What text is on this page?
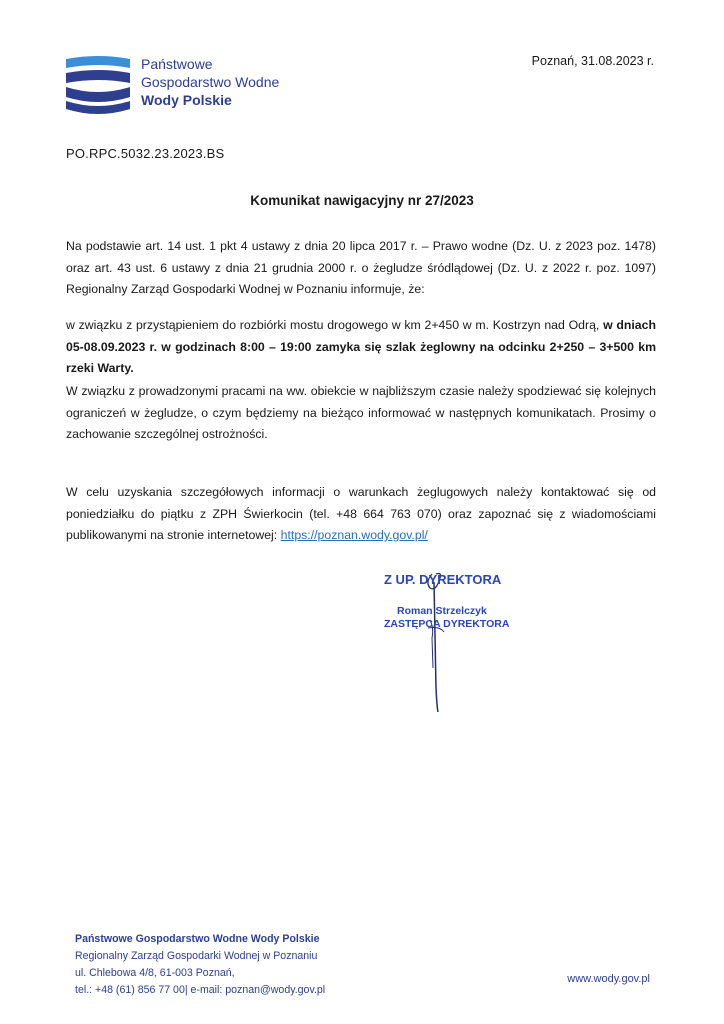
Państwowe
Gospodarstwo Wodne
Wody Polskie
Poznań, 31.08.2023 r.
PO.RPC.5032.23.2023.BS
Komunikat nawigacyjny nr 27/2023
Na podstawie art. 14 ust. 1 pkt 4 ustawy z dnia 20 lipca 2017 r. – Prawo wodne (Dz. U. z 2023 poz. 1478) oraz art. 43 ust. 6 ustawy z dnia 21 grudnia 2000 r. o żegludze śródlądowej (Dz. U. z 2022 r. poz. 1097) Regionalny Zarząd Gospodarki Wodnej w Poznaniu informuje, że:
w związku z przystąpieniem do rozbiórki mostu drogowego w km 2+450 w m. Kostrzyn nad Odrą, w dniach 05-08.09.2023 r. w godzinach 8:00 – 19:00 zamyka się szlak żeglowny na odcinku 2+250 – 3+500 km rzeki Warty.
W związku z prowadzonymi pracami na ww. obiekcie w najbliższym czasie należy spodziewać się kolejnych ograniczeń w żegludze, o czym będziemy na bieżąco informować w następnych komunikatach. Prosimy o zachowanie szczególnej ostrożności.
W celu uzyskania szczegółowych informacji o warunkach żeglugowych należy kontaktować się od poniedziałku do piątku z ZPH Świerkocin (tel. +48 664 763 070) oraz zapoznać się z wiadomościami publikowanymi na stronie internetowej: https://poznan.wody.gov.pl/
Z UP. DYREKTORA
Roman Strzelczyk
ZASTĘPCA DYREKTORA
Państwowe Gospodarstwo Wodne Wody Polskie
Regionalny Zarząd Gospodarki Wodnej w Poznaniu
ul. Chlebowa 4/8, 61-003 Poznań,
tel.: +48 (61) 856 77 00| e-mail: poznan@wody.gov.pl
www.wody.gov.pl
